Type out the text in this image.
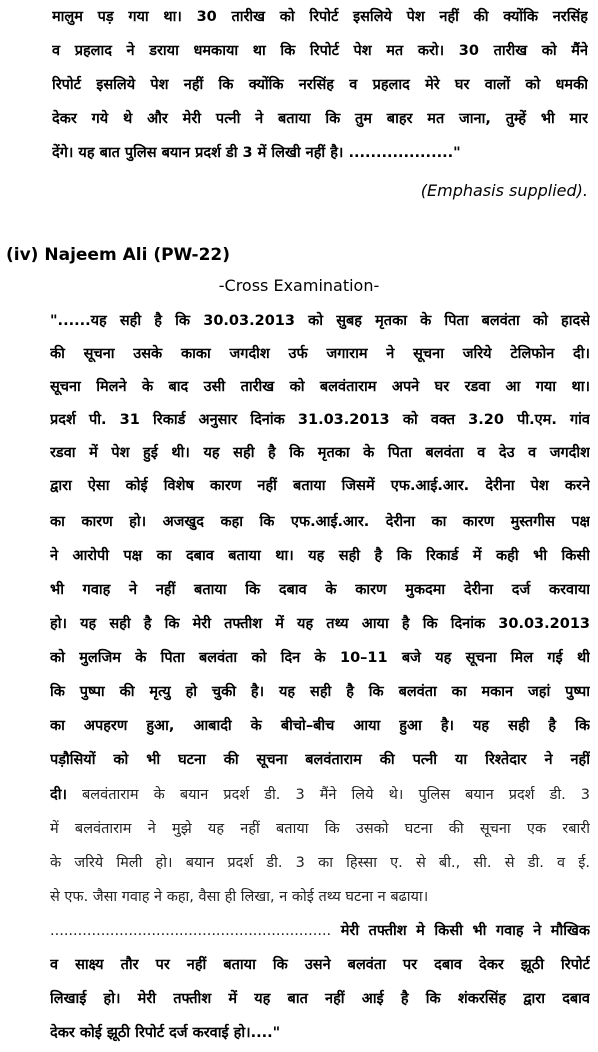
मालुम पड़ गया था। 30 तारीख को रिपोर्ट इसलिये पेश नहीं की क्योंकि नरसिंह

व प्रहलाद ने डराया धमकाया था कि रिपोर्ट पेश मत करो। 30 तारीख को मैंने

रिपोर्ट इसलिये पेश नहीं कि क्योंकि नरसिंह व प्रहलाद मेरे घर वालों को धमकी

देकर गये थे और मेरी पत्नी ने बताया कि तुम बाहर मत जाना, तुम्हें भी मार

देंगे। यह बात पुलिस बयान प्रदर्श डी 3 में लिखी नहीं है। ..................."

(Emphasis supplied).

(iv) Najeem Ali (PW-22)

-Cross Examination-

"......यह सही है कि 30.03.2013 को सुबह मृतका के पिता बलवंता को हादसे

की सूचना उसके काका जगदीश उर्फ जगाराम ने सूचना जरिये टेलिफोन दी।

सूचना मिलने के बाद उसी तारीख को बलवंताराम अपने घर रडवा आ गया था।

प्रदर्श पी. 31 रिकार्ड अनुसार दिनांक 31.03.2013 को वक्त 3.20 पी.एम. गांव

रडवा में पेश हुई थी। यह सही है कि मृतका के पिता बलवंता व देउ व जगदीश

द्वारा ऐसा कोई विशेष कारण नहीं बताया जिसमें एफ.आई.आर. देरीना पेश करने

का कारण हो। अजखुद कहा कि एफ.आई.आर. देरीना का कारण मुस्तगीस पक्ष

ने आरोपी पक्ष का दबाव बताया था। यह सही है कि रिकार्ड में कही भी किसी

भी गवाह ने नहीं बताया कि दबाव के कारण मुकदमा देरीना दर्ज करवाया

हो। यह सही है कि मेरी तफ्तीश में यह तथ्य आया है कि दिनांक 30.03.2013

को मुलजिम के पिता बलवंता को दिन के 10–11 बजे यह सूचना मिल गई थी

कि पुष्पा की मृत्यु हो चुकी है। यह सही है कि बलवंता का मकान जहां पुष्पा

का अपहरण हुआ, आबादी के बीचो–बीच आया हुआ है। यह सही है कि

पड़ौसियों को भी घटना की सूचना बलवंताराम की पत्नी या रिश्तेदार ने नहीं

दी। बलवंताराम के बयान प्रदर्श डी. 3 मैंने लिये थे। पुलिस बयान प्रदर्श डी. 3

में बलवंताराम ने मुझे यह नहीं बताया कि उसको घटना की सूचना एक रबारी

के जरिये मिली हो। बयान प्रदर्श डी. 3 का हिस्सा ए. से बी., सी. से डी. व ई.

से एफ. जैसा गवाह ने कहा, वैसा ही लिखा, न कोई तथ्य घटना न बढाया।

............................................................. मेरी तफ्तीश मे किसी भी गवाह ने मौखिक

व साक्ष्य तौर पर नहीं बताया कि उसने बलवंता पर दबाव देकर झूठी रिपोर्ट

लिखाई हो। मेरी तफ्तीश में यह बात नहीं आई है कि शंकरसिंह द्वारा दबाव

देकर कोई झूठी रिपोर्ट दर्ज करवाई हो।...."
